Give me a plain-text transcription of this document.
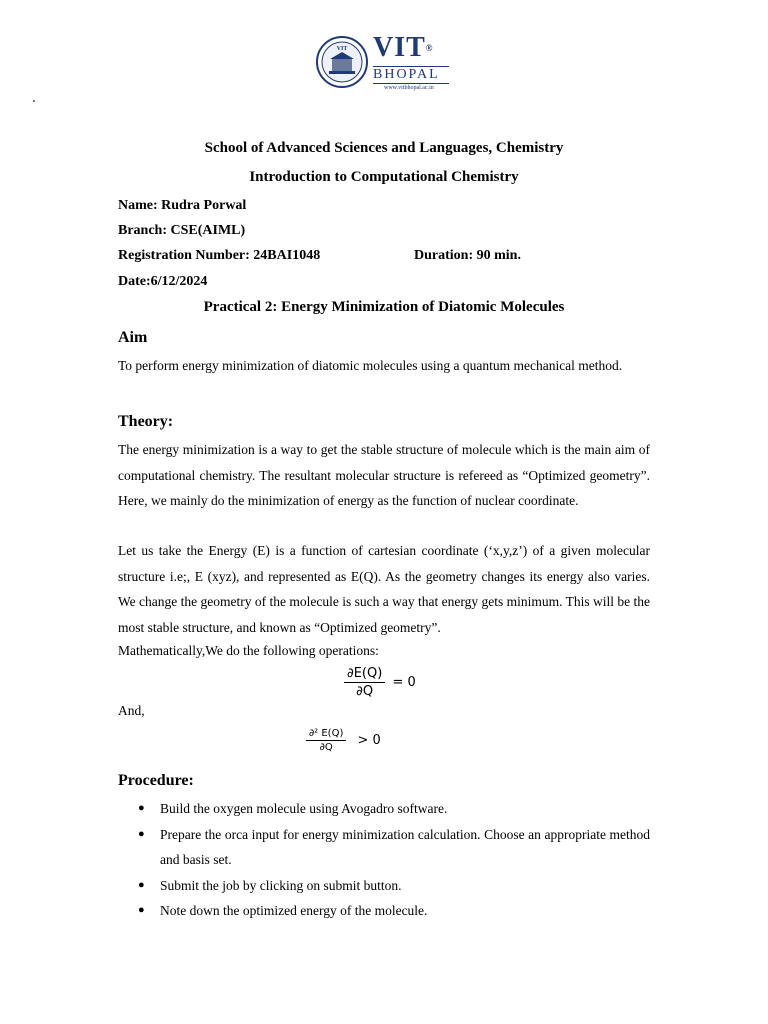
VIT VIT®
BHOPAL
www.vitbhopal.ac.in
School of Advanced Sciences and Languages, Chemistry
Introduction to Computational Chemistry
Name: Rudra Porwal
Branch: CSE(AIML)
Registration Number: 24BAI1048	Duration: 90 min.
Date:6/12/2024
Practical 2: Energy Minimization of Diatomic Molecules
Aim
To perform energy minimization of diatomic molecules using a quantum mechanical method.
Theory:
The energy minimization is a way to get the stable structure of molecule which is the main aim of computational chemistry. The resultant molecular structure is refereed as “Optimized geometry”. Here, we mainly do the minimization of energy as the function of nuclear coordinate.
Let us take the Energy (E) is a function of cartesian coordinate (‘x,y,z’) of a given molecular structure i.e;, E (xyz), and represented as E(Q). As the geometry changes its energy also varies. We change the geometry of the molecule is such a way that energy gets minimum. This will be the most stable structure, and known as “Optimized geometry”.
Mathematically,We do the following operations:
$\frac{\partial E(Q)}{\partial Q} = 0$
And,
$\frac{\text{∂² E(Q)}}{\partial Q} > 0$
Procedure:
● Build the oxygen molecule using Avogadro software.
● Prepare the orca input for energy minimization calculation. Choose an appropriate method and basis set.
● Submit the job by clicking on submit button.
● Note down the optimized energy of the molecule.
